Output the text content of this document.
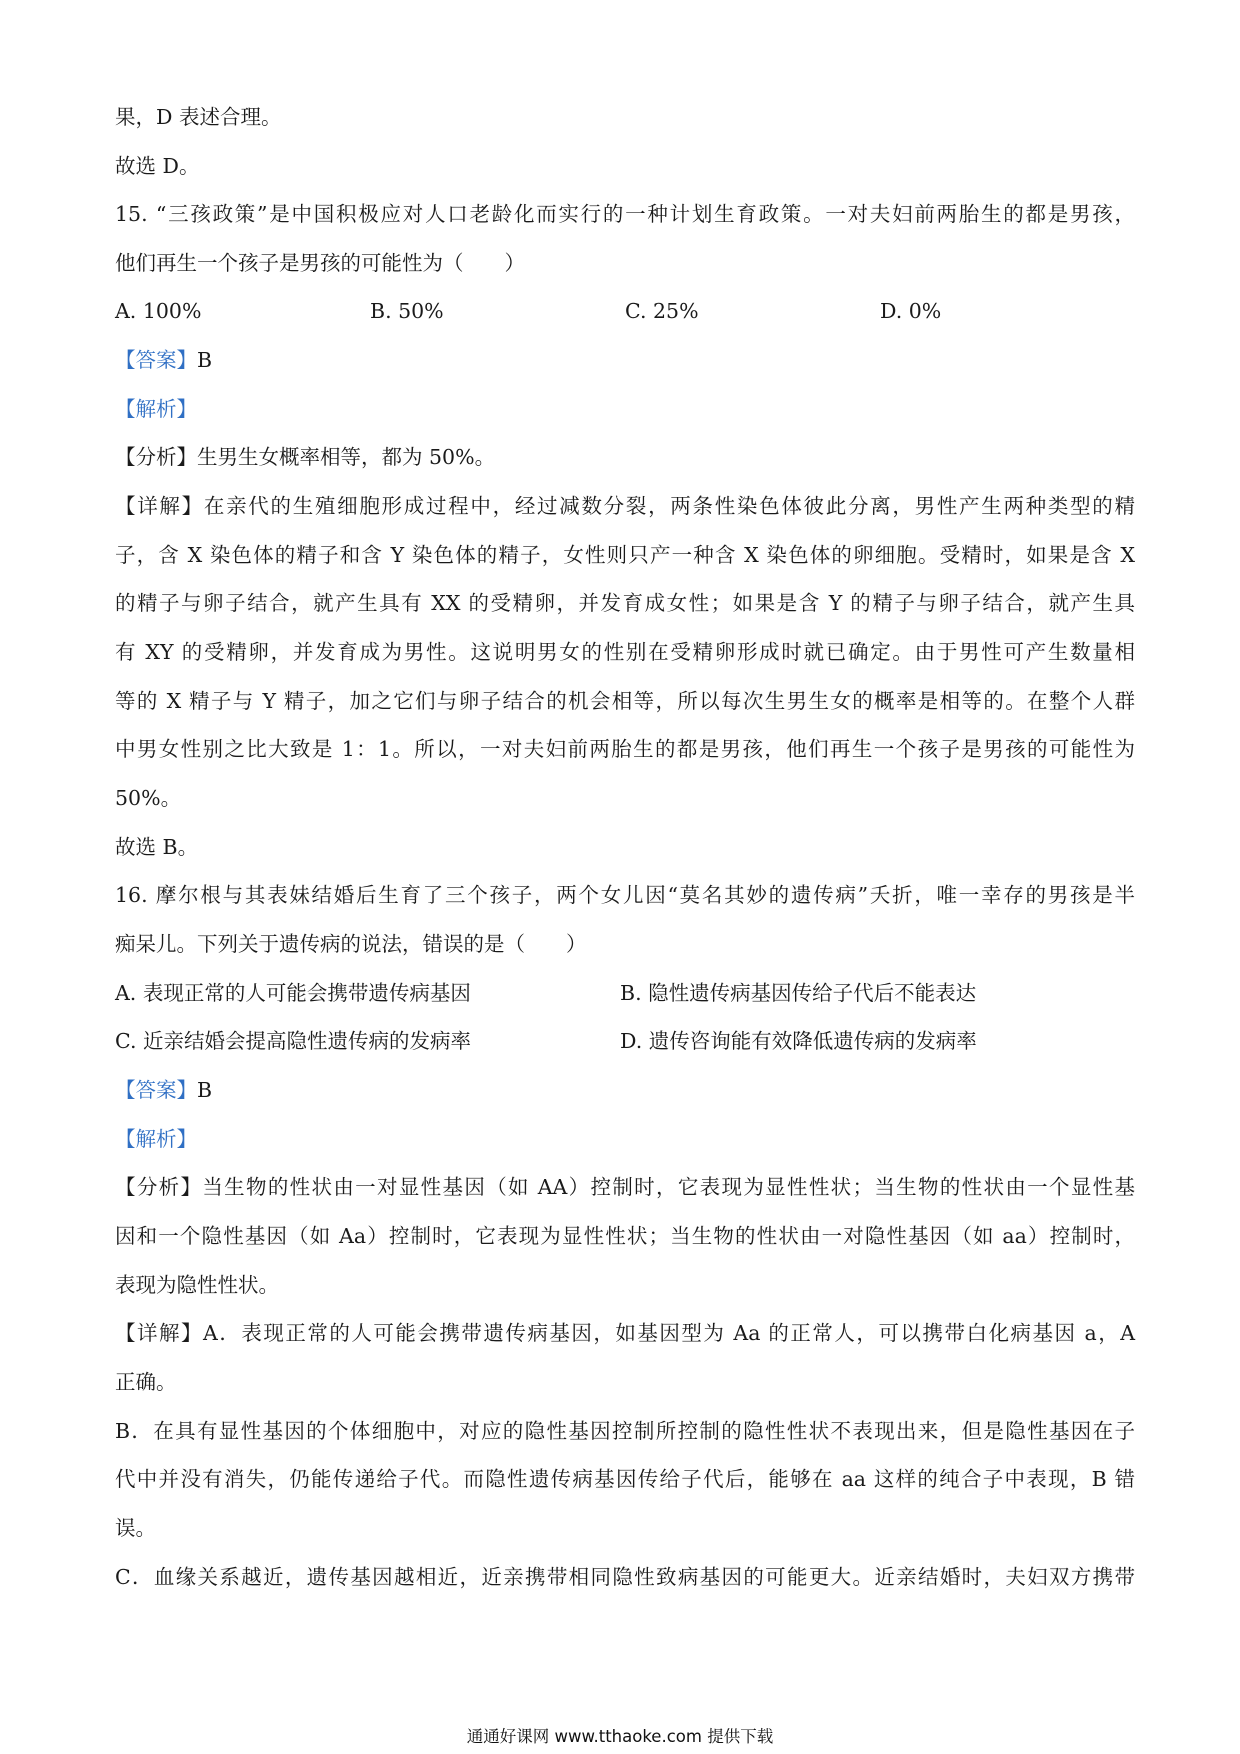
果，D 表述合理。
故选 D。
15. “三孩政策”是中国积极应对人口老龄化而实行的一种计划生育政策。一对夫妇前两胎生的都是男孩，
他们再生一个孩子是男孩的可能性为（　　）
A. 100%	B. 50%	C. 25%	D. 0%
【答案】B
【解析】
【分析】生男生女概率相等，都为 50%。
【详解】在亲代的生殖细胞形成过程中，经过减数分裂，两条性染色体彼此分离，男性产生两种类型的精
子，含 X 染色体的精子和含 Y 染色体的精子，女性则只产一种含 X 染色体的卵细胞。受精时，如果是含 X
的精子与卵子结合，就产生具有 XX 的受精卵，并发育成女性；如果是含 Y 的精子与卵子结合，就产生具
有 XY 的受精卵，并发育成为男性。这说明男女的性别在受精卵形成时就已确定。由于男性可产生数量相
等的 X 精子与 Y 精子，加之它们与卵子结合的机会相等，所以每次生男生女的概率是相等的。在整个人群
中男女性别之比大致是 1：1。所以，一对夫妇前两胎生的都是男孩，他们再生一个孩子是男孩的可能性为
50%。
故选 B。
16. 摩尔根与其表妹结婚后生育了三个孩子，两个女儿因“莫名其妙的遗传病”夭折，唯一幸存的男孩是半
痴呆儿。下列关于遗传病的说法，错误的是（　　）
A. 表现正常的人可能会携带遗传病基因	B. 隐性遗传病基因传给子代后不能表达
C. 近亲结婚会提高隐性遗传病的发病率	D. 遗传咨询能有效降低遗传病的发病率
【答案】B
【解析】
【分析】当生物的性状由一对显性基因（如 AA）控制时，它表现为显性性状；当生物的性状由一个显性基
因和一个隐性基因（如 Aa）控制时，它表现为显性性状；当生物的性状由一对隐性基因（如 aa）控制时，
表现为隐性性状。
【详解】A．表现正常的人可能会携带遗传病基因，如基因型为 Aa 的正常人，可以携带白化病基因 a，A
正确。
B．在具有显性基因的个体细胞中，对应的隐性基因控制所控制的隐性性状不表现出来，但是隐性基因在子
代中并没有消失，仍能传递给子代。而隐性遗传病基因传给子代后，能够在 aa 这样的纯合子中表现，B 错
误。
C．血缘关系越近，遗传基因越相近，近亲携带相同隐性致病基因的可能更大。近亲结婚时，夫妇双方携带
通通好课网 www.tthaoke.com 提供下载
